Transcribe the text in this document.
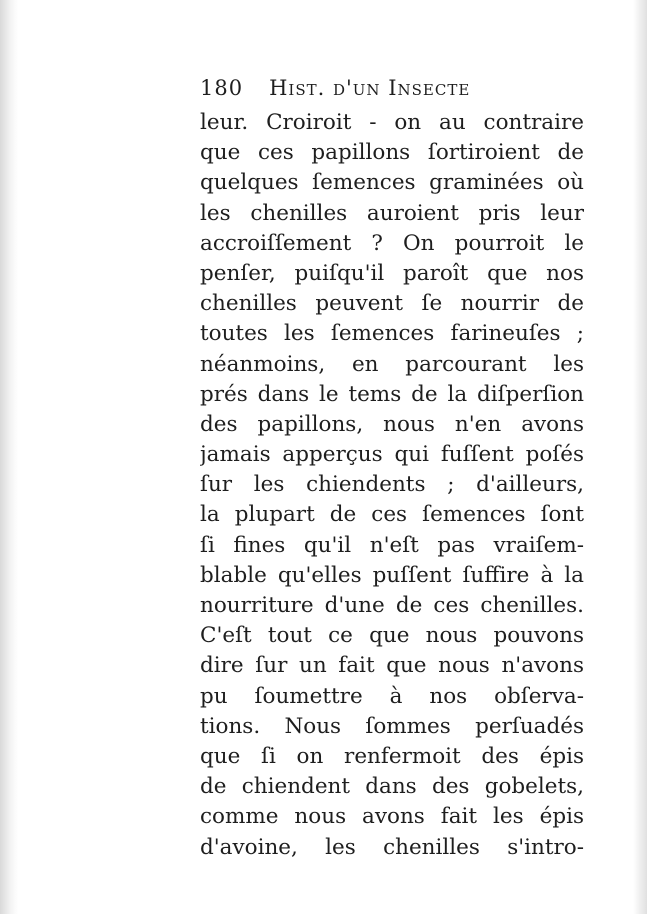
180 Hist. d'un Insecte
leur. Croiroit - on au contraire
que ces papillons ſortiroient de
quelques ſemences graminées où
les chenilles auroient pris leur
accroiſſement ? On pourroit le
penſer, puiſqu'il paroît que nos
chenilles peuvent ſe nourrir de
toutes les ſemences farineuſes ;
néanmoins, en parcourant les
prés dans le tems de la diſperſion
des papillons, nous n'en avons
jamais apperçus qui fuſſent poſés
ſur les chiendents ; d'ailleurs,
la plupart de ces ſemences ſont
ſi fines qu'il n'eſt pas vraiſem-
blable qu'elles puſſent ſuffire à la
nourriture d'une de ces chenilles.
C'eſt tout ce que nous pouvons
dire ſur un fait que nous n'avons
pu ſoumettre à nos obſerva-
tions. Nous ſommes perſuadés
que ſi on renfermoit des épis
de chiendent dans des gobelets,
comme nous avons fait les épis
d'avoine, les chenilles s'intro-
